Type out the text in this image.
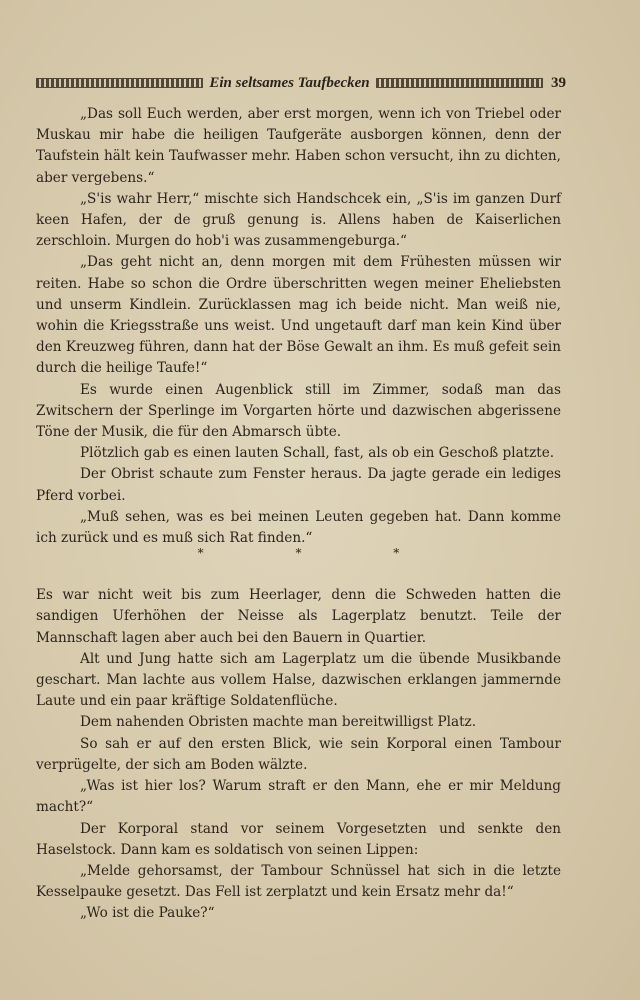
Ein seltsames Taufbecken	39

„Das soll Euch werden, aber erst morgen, wenn ich von Triebel oder Muskau mir habe die heiligen Taufgeräte ausborgen können, denn der Taufstein hält kein Taufwasser mehr. Haben schon versucht, ihn zu dichten, aber vergebens.“

„S'is wahr Herr,“ mischte sich Handschcek ein, „S'is im ganzen Durf keen Hafen, der de gruß genung is. Allens haben de Kaiserlichen zerschloin. Murgen do hob'i was zusammengeburga.“

„Das geht nicht an, denn morgen mit dem Frühesten müssen wir reiten. Habe so schon die Ordre überschritten wegen meiner Eheliebsten und unserm Kindlein. Zurücklassen mag ich beide nicht. Man weiß nie, wohin die Kriegsstraße uns weist. Und ungetauft darf man kein Kind über den Kreuzweg führen, dann hat der Böse Gewalt an ihm. Es muß gefeit sein durch die heilige Taufe!“

Es wurde einen Augenblick still im Zimmer, sodaß man das Zwitschern der Sperlinge im Vorgarten hörte und dazwischen abgerissene Töne der Musik, die für den Abmarsch übte.

Plötzlich gab es einen lauten Schall, fast, als ob ein Geschoß platzte.

Der Obrist schaute zum Fenster heraus. Da jagte gerade ein lediges Pferd vorbei.

„Muß sehen, was es bei meinen Leuten gegeben hat. Dann komme ich zurück und es muß sich Rat finden.“

* * *

Es war nicht weit bis zum Heerlager, denn die Schweden hatten die sandigen Uferhöhen der Neisse als Lagerplatz benutzt. Teile der Mannschaft lagen aber auch bei den Bauern in Quartier.

Alt und Jung hatte sich am Lagerplatz um die übende Musikbande geschart. Man lachte aus vollem Halse, dazwischen erklangen jammernde Laute und ein paar kräftige Soldatenflüche.

Dem nahenden Obristen machte man bereitwilligst Platz.

So sah er auf den ersten Blick, wie sein Korporal einen Tambour verprügelte, der sich am Boden wälzte.

„Was ist hier los? Warum straft er den Mann, ehe er mir Meldung macht?“

Der Korporal stand vor seinem Vorgesetzten und senkte den Haselstock. Dann kam es soldatisch von seinen Lippen:

„Melde gehorsamst, der Tambour Schnüssel hat sich in die letzte Kesselpauke gesetzt. Das Fell ist zerplatzt und kein Ersatz mehr da!“

„Wo ist die Pauke?“
